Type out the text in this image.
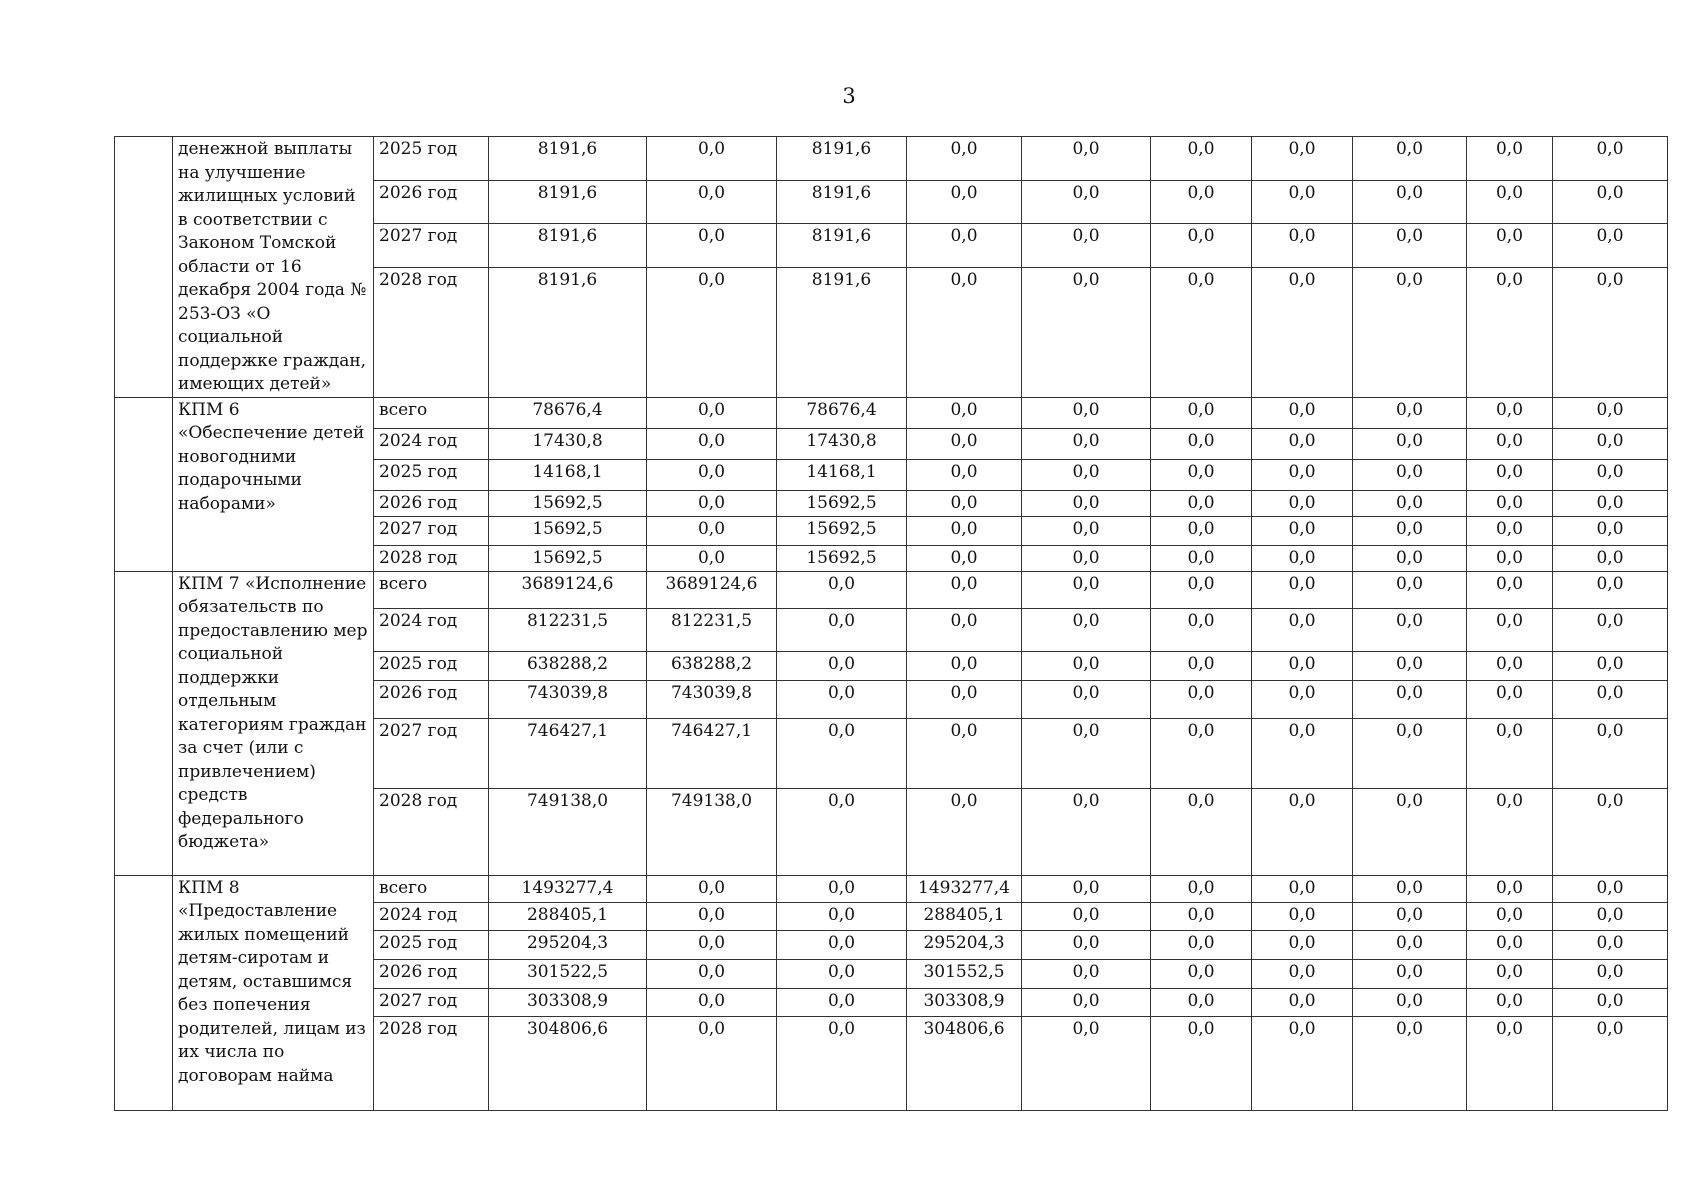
3
	денежной выплаты на улучшение жилищных условий в соответствии с Законом Томской области от 16 декабря 2004 года № 253-ОЗ «О социальной поддержке граждан, имеющих детей»	2025 год	8191,6	0,0	8191,6	0,0	0,0	0,0	0,0	0,0	0,0	0,0
		2026 год	8191,6	0,0	8191,6	0,0	0,0	0,0	0,0	0,0	0,0	0,0
		2027 год	8191,6	0,0	8191,6	0,0	0,0	0,0	0,0	0,0	0,0	0,0
		2028 год	8191,6	0,0	8191,6	0,0	0,0	0,0	0,0	0,0	0,0	0,0
	КПМ 6 «Обеспечение детей новогодними подарочными наборами»	всего	78676,4	0,0	78676,4	0,0	0,0	0,0	0,0	0,0	0,0	0,0
		2024 год	17430,8	0,0	17430,8	0,0	0,0	0,0	0,0	0,0	0,0	0,0
		2025 год	14168,1	0,0	14168,1	0,0	0,0	0,0	0,0	0,0	0,0	0,0
		2026 год	15692,5	0,0	15692,5	0,0	0,0	0,0	0,0	0,0	0,0	0,0
		2027 год	15692,5	0,0	15692,5	0,0	0,0	0,0	0,0	0,0	0,0	0,0
		2028 год	15692,5	0,0	15692,5	0,0	0,0	0,0	0,0	0,0	0,0	0,0
	КПМ 7 «Исполнение обязательств по предоставлению мер социальной поддержки отдельным категориям граждан за счет (или с привлечением) средств федерального бюджета»	всего	3689124,6	3689124,6	0,0	0,0	0,0	0,0	0,0	0,0	0,0	0,0
		2024 год	812231,5	812231,5	0,0	0,0	0,0	0,0	0,0	0,0	0,0	0,0
		2025 год	638288,2	638288,2	0,0	0,0	0,0	0,0	0,0	0,0	0,0	0,0
		2026 год	743039,8	743039,8	0,0	0,0	0,0	0,0	0,0	0,0	0,0	0,0
		2027 год	746427,1	746427,1	0,0	0,0	0,0	0,0	0,0	0,0	0,0	0,0
		2028 год	749138,0	749138,0	0,0	0,0	0,0	0,0	0,0	0,0	0,0	0,0
	КПМ 8 «Предоставление жилых помещений детям-сиротам и детям, оставшимся без попечения родителей, лицам из их числа по договорам найма	всего	1493277,4	0,0	0,0	1493277,4	0,0	0,0	0,0	0,0	0,0	0,0
		2024 год	288405,1	0,0	0,0	288405,1	0,0	0,0	0,0	0,0	0,0	0,0
		2025 год	295204,3	0,0	0,0	295204,3	0,0	0,0	0,0	0,0	0,0	0,0
		2026 год	301522,5	0,0	0,0	301552,5	0,0	0,0	0,0	0,0	0,0	0,0
		2027 год	303308,9	0,0	0,0	303308,9	0,0	0,0	0,0	0,0	0,0	0,0
		2028 год	304806,6	0,0	0,0	304806,6	0,0	0,0	0,0	0,0	0,0	0,0
